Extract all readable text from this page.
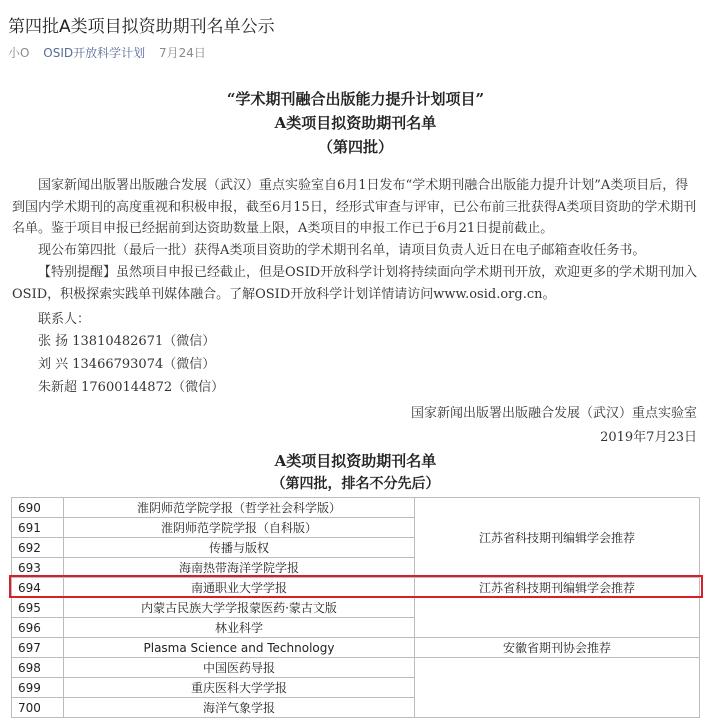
第四批A类项目拟资助期刊名单公示
小O OSID开放科学计划 7月24日
“学术期刊融合出版能力提升计划项目”
A类项目拟资助期刊名单
（第四批）
国家新闻出版署出版融合发展（武汉）重点实验室自6月1日发布“学术期刊融合出版能力提升计划”A类项目后，得到国内学术期刊的高度重视和积极申报，截至6月15日，经形式审查与评审，已公布前三批获得A类项目资助的学术期刊名单。鉴于项目申报已经据前到达资助数量上限，A类项目的申报工作已于6月21日提前截止。
现公布第四批（最后一批）获得A类项目资助的学术期刊名单，请项目负责人近日在电子邮箱查收任务书。
【特别提醒】虽然项目申报已经截止，但是OSID开放科学计划将持续面向学术期刊开放，欢迎更多的学术期刊加入OSID，积极探索实践单刊媒体融合。了解OSID开放科学计划详情请访问www.osid.org.cn。
联系人：
张 扬 13810482671（微信）
刘 兴 13466793074（微信）
朱新超 17600144872（微信）
国家新闻出版署出版融合发展（武汉）重点实验室
2019年7月23日
A类项目拟资助期刊名单
（第四批，排名不分先后）
690	淮阴师范学院学报（哲学社会科学版）	江苏省科技期刊编辑学会推荐
691	淮阴师范学院学报（自科版）	
692	传播与版权	
693	海南热带海洋学院学报	
694	南通职业大学学报	江苏省科技期刊编辑学会推荐
695	内蒙古民族大学学报蒙医药·蒙古文版	
696	林业科学	
697	Plasma Science and Technology	安徽省期刊协会推荐
698	中国医药导报	
699	重庆医科大学学报	
700	海洋气象学报	
